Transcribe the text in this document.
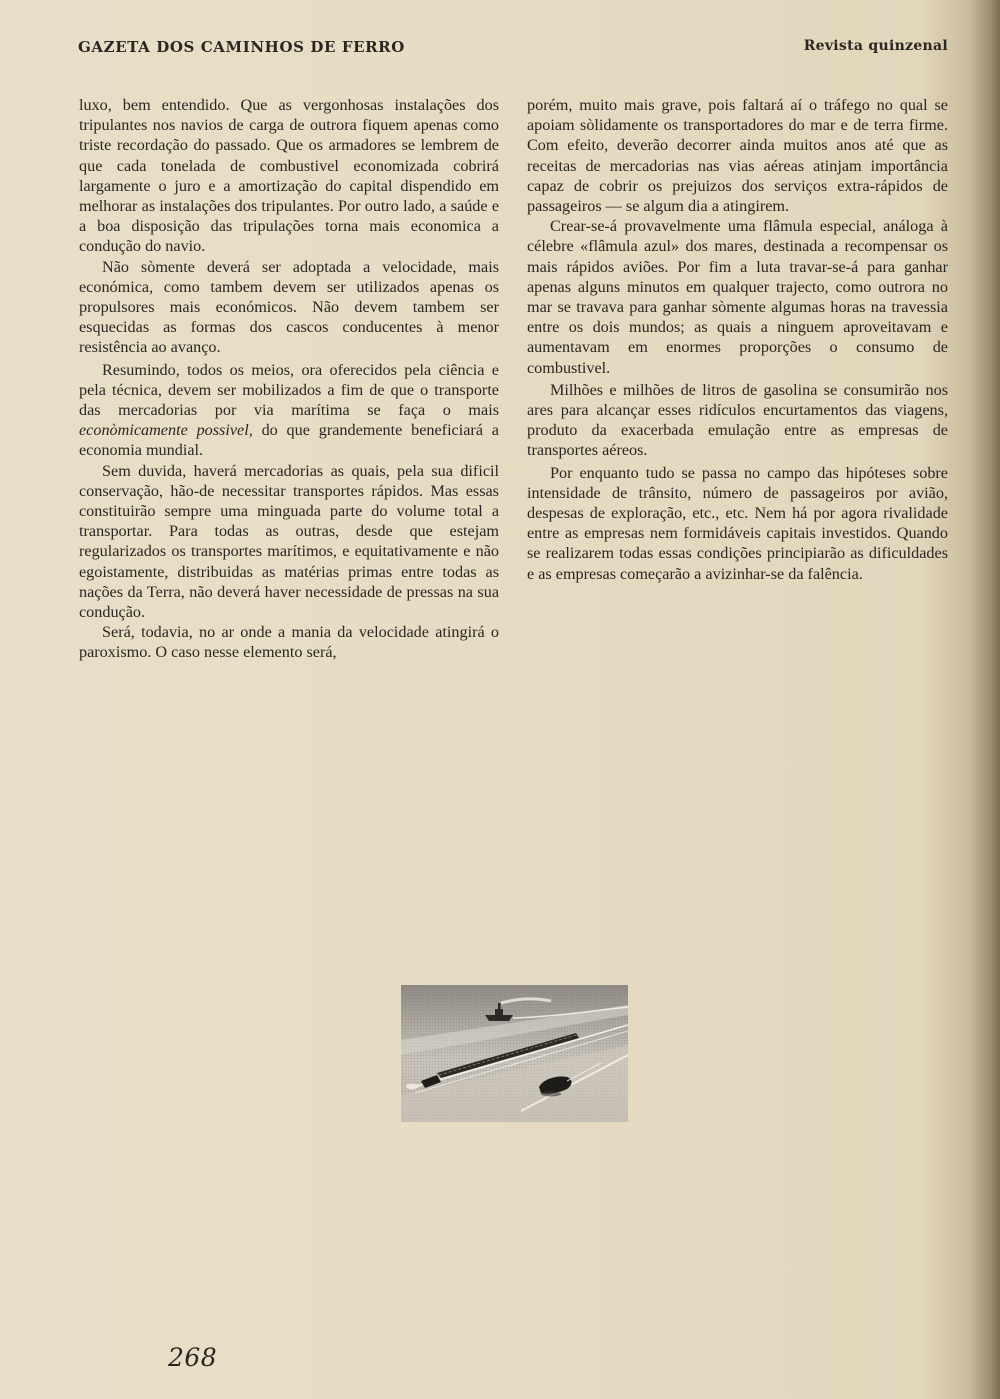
GAZETA DOS CAMINHOS DE FERRO	Revista quinzenal

luxo, bem entendido. Que as vergonhosas instalações dos tripulantes nos navios de carga de outrora fiquem apenas como triste recordação do passado. Que os armadores se lembrem de que cada tonelada de combustivel economizada cobrirá largamente o juro e a amortização do capital dispendido em melhorar as instalações dos tripulantes. Por outro lado, a saúde e a boa disposição das tripulações torna mais economica a condução do navio.

Não sòmente deverá ser adoptada a velocidade, mais económica, como tambem devem ser utilizados apenas os propulsores mais económicos. Não devem tambem ser esquecidas as formas dos cascos conducentes à menor resistência ao avanço.

Resumindo, todos os meios, ora oferecidos pela ciência e pela técnica, devem ser mobilizados a fim de que o transporte das mercadorias por via marítima se faça o mais econòmicamente possivel, do que grandemente beneficiará a economia mundial.

Sem duvida, haverá mercadorias as quais, pela sua dificil conservação, hão-de necessitar transportes rápidos. Mas essas constituirão sempre uma minguada parte do volume total a transportar. Para todas as outras, desde que estejam regularizados os transportes marítimos, e equitativamente e não egoistamente, distribuidas as matérias primas entre todas as nações da Terra, não deverá haver necessidade de pressas na sua condução.

Será, todavia, no ar onde a mania da velocidade atingirá o paroxismo. O caso nesse elemento será,

porém, muito mais grave, pois faltará aí o tráfego no qual se apoiam sòlidamente os transportadores do mar e de terra firme. Com efeito, deverão decorrer ainda muitos anos até que as receitas de mercadorias nas vias aéreas atinjam importância capaz de cobrir os prejuizos dos serviços extra-rápidos de passageiros — se algum dia a atingirem.

Crear-se-á provavelmente uma flâmula especial, análoga à célebre «flâmula azul» dos mares, destinada a recompensar os mais rápidos aviões. Por fim a luta travar-se-á para ganhar apenas alguns minutos em qualquer trajecto, como outrora no mar se travava para ganhar sòmente algumas horas na travessia entre os dois mundos; as quais a ninguem aproveitavam e aumentavam em enormes proporções o consumo de combustivel.

Milhões e milhões de litros de gasolina se consumirão nos ares para alcançar esses ridículos encurtamentos das viagens, produto da exacerbada emulação entre as empresas de transportes aéreos.

Por enquanto tudo se passa no campo das hipóteses sobre intensidade de trânsito, número de passageiros por avião, despesas de exploração, etc., etc. Nem há por agora rivalidade entre as empresas nem formidáveis capitais investidos. Quando se realizarem todas essas condições principiarão as dificuldades e as empresas começarão a avizinhar-se da falência.

268
